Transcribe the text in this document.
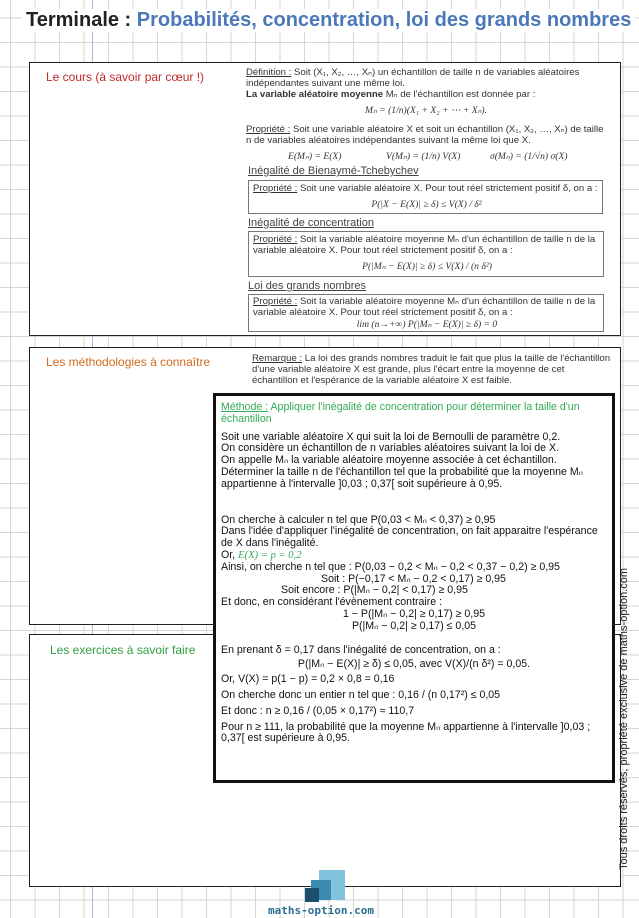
Terminale : Probabilités, concentration, loi des grands nombres
Le cours (à savoir par cœur !)	Définition : Soit (X₁, X₂, …, Xₙ) un échantillon de taille n de variables aléatoires indépendantes suivant une même loi.
La variable aléatoire moyenne Mₙ de l'échantillon est donnée par :
Mₙ = (1/n)(X₁ + X₂ + ⋯ + Xₙ).
Propriété : Soit une variable aléatoire X et soit un échantillon (X₁, X₂, …, Xₙ) de taille n de variables aléatoires indépendantes suivant la même loi que X.
E(Mₙ) = E(X)	V(Mₙ) = (1/n) V(X)	σ(Mₙ) = (1/√n) σ(X)
Inégalité de Bienaymé-Tchebychev
Propriété : Soit une variable aléatoire X. Pour tout réel strictement positif δ, on a :
P(|X − E(X)| ≥ δ) ≤ V(X) / δ²
Inégalité de concentration
Propriété : Soit la variable aléatoire moyenne Mₙ d'un échantillon de taille n de la variable aléatoire X. Pour tout réel strictement positif δ, on a :
P(|Mₙ − E(X)| ≥ δ) ≤ V(X) / (n δ²)
Loi des grands nombres
Propriété : Soit la variable aléatoire moyenne Mₙ d'un échantillon de taille n de la variable aléatoire X. Pour tout réel strictement positif δ, on a :
lim (n→+∞) P(|Mₙ − E(X)| ≥ δ) = 0
Les méthodologies à connaître	Remarque : La loi des grands nombres traduit le fait que plus la taille de l'échantillon d'une variable aléatoire X est grande, plus l'écart entre la moyenne de cet échantillon et l'espérance de la variable aléatoire X est faible.
Les exercices à savoir faire

Méthode : Appliquer l'inégalité de concentration pour déterminer la taille d'un échantillon

Soit une variable aléatoire X qui suit la loi de Bernoulli de paramètre 0,2.

On considère un échantillon de n variables aléatoires suivant la loi de X.

On appelle Mₙ la variable aléatoire moyenne associée à cet échantillon.

Déterminer la taille n de l'échantillon tel que la probabilité que la moyenne Mₙ appartienne à l'intervalle ]0,03 ; 0,37[ soit supérieure à 0,95.

On cherche à calculer n tel que P(0,03 < Mₙ < 0,37) ≥ 0,95

Dans l'idée d'appliquer l'inégalité de concentration, on fait apparaitre l'espérance de X dans l'inégalité.

Or, E(X) = p = 0,2

Ainsi, on cherche n tel que : P(0,03 − 0,2 < Mₙ − 0,2 < 0,37 − 0,2) ≥ 0,95

Soit : P(−0,17 < Mₙ − 0,2 < 0,17) ≥ 0,95

Soit encore : P(|Mₙ − 0,2| < 0,17) ≥ 0,95

Et donc, en considérant l'évènement contraire :

1 − P(|Mₙ − 0,2| ≥ 0,17) ≥ 0,95

P(|Mₙ − 0,2| ≥ 0,17) ≤ 0,05

En prenant δ = 0,17 dans l'inégalité de concentration, on a :

P(|Mₙ − E(X)| ≥ δ) ≤ 0,05, avec V(X)/(n δ²) = 0,05.

Or, V(X) = p(1 − p) = 0,2 × 0,8 = 0,16

On cherche donc un entier n tel que : 0,16 / (n 0,17²) ≤ 0,05

Et donc : n ≥ 0,16 / (0,05 × 0,17²) ≈ 110,7

Pour n ≥ 111, la probabilité que la moyenne Mₙ appartienne à l'intervalle ]0,03 ; 0,37[ est supérieure à 0,95.	Tous droits réservés, propriété exclusive de maths-option.com
maths-option.com
